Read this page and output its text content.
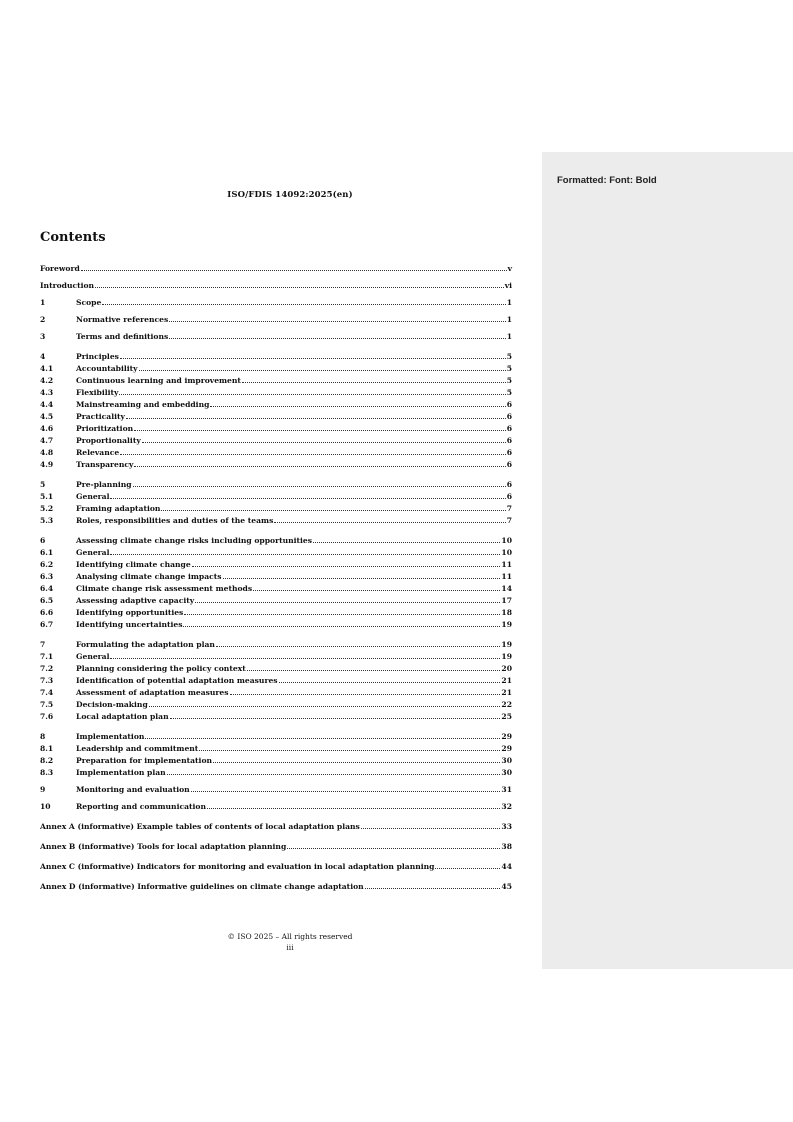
Formatted: Font: Bold
ISO/FDIS 14092:2025(en)
Contents
Foreword	v
Introduction	vi
1	Scope	1
2	Normative references	1
3	Terms and definitions	1
4	Principles	5
4.1	Accountability	5
4.2	Continuous learning and improvement	5
4.3	Flexibility	5
4.4	Mainstreaming and embedding	6
4.5	Practicality	6
4.6	Prioritization	6
4.7	Proportionality	6
4.8	Relevance	6
4.9	Transparency	6
5	Pre-planning	6
5.1	General	6
5.2	Framing adaptation	7
5.3	Roles, responsibilities and duties of the teams	7
6	Assessing climate change risks including opportunities	10
6.1	General	10
6.2	Identifying climate change	11
6.3	Analysing climate change impacts	11
6.4	Climate change risk assessment methods	14
6.5	Assessing adaptive capacity	17
6.6	Identifying opportunities	18
6.7	Identifying uncertainties	19
7	Formulating the adaptation plan	19
7.1	General	19
7.2	Planning considering the policy context	20
7.3	Identification of potential adaptation measures	21
7.4	Assessment of adaptation measures	21
7.5	Decision-making	22
7.6	Local adaptation plan	25
8	Implementation	29
8.1	Leadership and commitment	29
8.2	Preparation for implementation	30
8.3	Implementation plan	30
9	Monitoring and evaluation	31
10	Reporting and communication	32
Annex A (informative) Example tables of contents of local adaptation plans	33
Annex B (informative) Tools for local adaptation planning	38
Annex C (informative) Indicators for monitoring and evaluation in local adaptation planning	44
Annex D (informative) Informative guidelines on climate change adaptation	45
© ISO 2025 – All rights reserved
iii
